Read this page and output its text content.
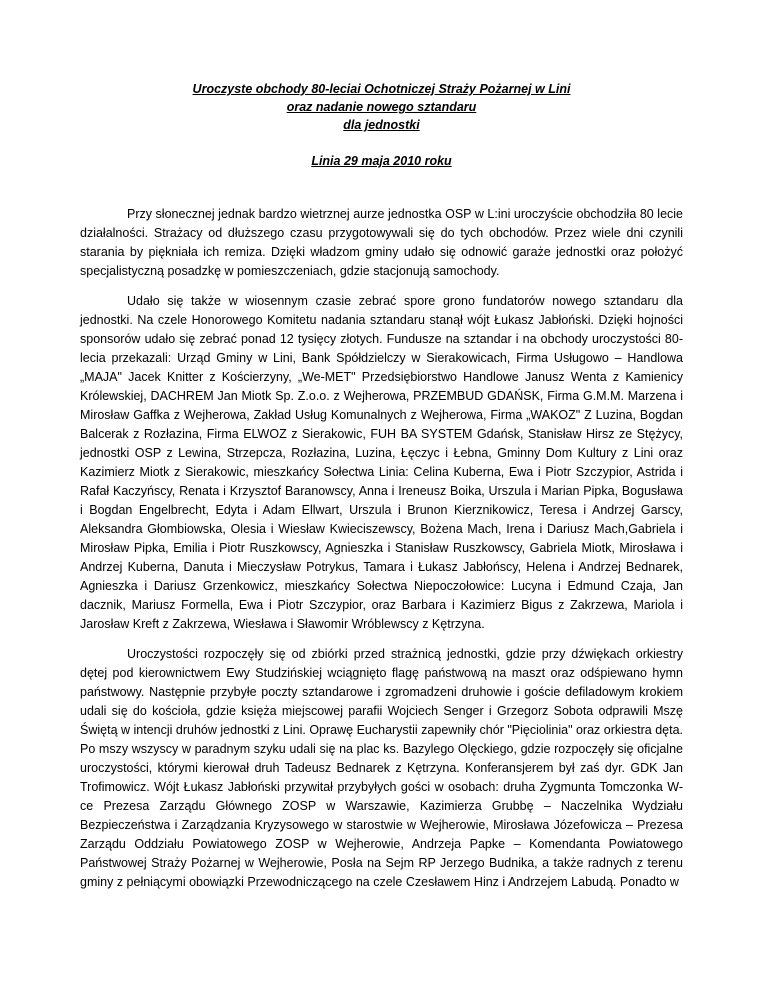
Uroczyste obchody 80-leciai Ochotniczej Straży Pożarnej w Lini
oraz nadanie nowego sztandaru
dla jednostki
Linia 29 maja 2010 roku

Przy słonecznej jednak bardzo wietrznej aurze jednostka OSP w L:ini uroczyście obchodziła 80 lecie działalności. Strażacy od dłuższego czasu przygotowywali się do tych obchodów. Przez wiele dni czynili starania by piękniała ich remiza. Dzięki władzom gminy udało się odnowić garaże jednostki oraz położyć specjalistyczną posadzkę w pomieszczeniach, gdzie stacjonują samochody.

Udało się także w wiosennym czasie zebrać spore grono fundatorów nowego sztandaru dla jednostki. Na czele Honorowego Komitetu nadania sztandaru stanął wójt Łukasz Jabłoński. Dzięki hojności sponsorów udało się zebrać ponad 12 tysięcy złotych. Fundusze na sztandar i na obchody uroczystości 80-lecia przekazali: Urząd Gminy w Lini, Bank Spółdzielczy w Sierakowicach, Firma Usługowo – Handlowa „MAJA" Jacek Knitter z Kościerzyny, „We-MET" Przedsiębiorstwo Handlowe Janusz Wenta z Kamienicy Królewskiej, DACHREM Jan Miotk Sp. Z.o.o. z Wejherowa, PRZEMBUD GDAŃSK, Firma G.M.M. Marzena i Mirosław Gaffka z Wejherowa, Zakład Usług Komunalnych z Wejherowa, Firma „WAKOZ" Z Luzina, Bogdan Balcerak z Rozłazina, Firma ELWOZ z Sierakowic, FUH BA SYSTEM Gdańsk, Stanisław Hirsz ze Stężycy, jednostki OSP z Lewina, Strzepcza, Rozłazina, Luzina, Łęczyc i Łebna, Gminny Dom Kultury z Lini oraz Kazimierz Miotk z Sierakowic, mieszkańcy Sołectwa Linia: Celina Kuberna, Ewa i Piotr Szczypior, Astrida i Rafał Kaczyńscy, Renata i Krzysztof Baranowscy, Anna i Ireneusz Boika, Urszula i Marian Pipka, Bogusława i Bogdan Engelbrecht, Edyta i Adam Ellwart, Urszula i Brunon Kierznikowicz, Teresa i Andrzej Garscy, Aleksandra Głombiowska, Olesia i Wiesław Kwieciszewscy, Bożena Mach, Irena i Dariusz Mach,Gabriela i Mirosław Pipka, Emilia i Piotr Ruszkowscy, Agnieszka i Stanisław Ruszkowscy, Gabriela Miotk, Mirosława i Andrzej Kuberna, Danuta i Mieczysław Potrykus, Tamara i Łukasz Jabłońscy, Helena i Andrzej Bednarek, Agnieszka i Dariusz Grzenkowicz, mieszkańcy Sołectwa Niepoczołowice: Lucyna i Edmund Czaja, Jan dacznik, Mariusz Formella, Ewa i Piotr Szczypior, oraz Barbara i Kazimierz Bigus z Zakrzewa, Mariola i Jarosław Kreft z Zakrzewa, Wiesława i Sławomir Wróblewscy z Kętrzyna.

Uroczystości rozpoczęły się od zbiórki przed strażnicą jednostki, gdzie przy dźwiękach orkiestry dętej pod kierownictwem Ewy Studzińskiej wciągnięto flagę państwową na maszt oraz odśpiewano hymn państwowy. Następnie przybyłe poczty sztandarowe i zgromadzeni druhowie i goście defiladowym krokiem udali się do kościoła, gdzie księża miejscowej parafii Wojciech Senger i Grzegorz Sobota odprawili Mszę Świętą w intencji druhów jednostki z Lini. Oprawę Eucharystii zapewniły chór "Pięciolinia" oraz orkiestra dęta. Po mszy wszyscy w paradnym szyku udali się na plac ks. Bazylego Olęckiego, gdzie rozpoczęły się oficjalne uroczystości, którymi kierował druh Tadeusz Bednarek z Kętrzyna. Konferansjerem był zaś dyr. GDK Jan Trofimowicz. Wójt Łukasz Jabłoński przywitał przybyłych gości w osobach: druha Zygmunta Tomczonka W-ce Prezesa Zarządu Głównego ZOSP w Warszawie, Kazimierza Grubbę – Naczelnika Wydziału Bezpieczeństwa i Zarządzania Kryzysowego w starostwie w Wejherowie, Mirosława Józefowicza – Prezesa Zarządu Oddziału Powiatowego ZOSP w Wejherowie, Andrzeja Papke – Komendanta Powiatowego Państwowej Straży Pożarnej w Wejherowie, Posła na Sejm RP Jerzego Budnika, a także radnych z terenu gminy z pełniącymi obowiązki Przewodniczącego na czele Czesławem Hinz i Andrzejem Labudą. Ponadto w
